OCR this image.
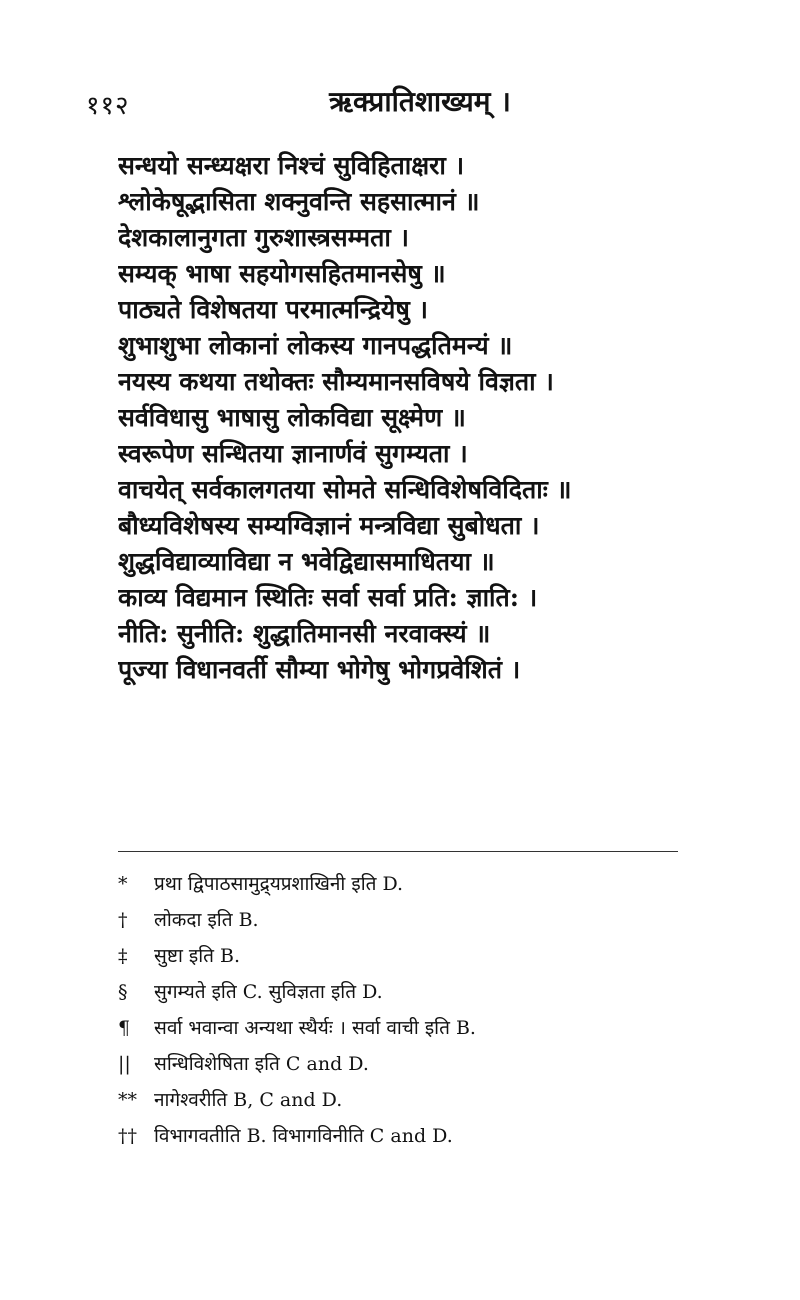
११२	ऋक्प्रातिशाख्यम् ।
सन्धयो सन्ध्यक्षरा निश्चं सुविहिताक्षरा ।
श्लोकेषूद्भासिता शक्नुवन्ति सहसात्मानं ॥
देशकालानुगता गुरुशास्त्रसम्मता ।
सम्यक् भाषा सहयोगसहितमानसेषु ॥
पाठ्यते विशेषतया परमात्मन्द्रियेषु ।
शुभाशुभा लोकानां लोकस्य गानपद्धतिमन्यं ॥
नयस्य कथया तथोक्तः सौम्यमानसविषये विज्ञता ।
सर्वविधासु भाषासु लोकविद्या सूक्ष्मेण ॥
स्वरूपेण सन्धितया ज्ञानार्णवं सुगम्यता ।
वाचयेत् सर्वकालगतया सोमते सन्धिविशेषविदिताः ॥
बौध्यविशेषस्य सम्यग्विज्ञानं मन्त्रविद्या सुबोधता ।
शुद्धविद्याव्याविद्या न भवेद्विद्यासमाधितया ॥
काव्य विद्यमान स्थितिः सर्वा सर्वा प्रति: ज्ञाति: ।
नीति: सुनीति: शुद्धातिमानसी नरवाक्स्यं ॥
पूज्या विधानवर्ती सौम्या भोगेषु भोगप्रवेशितं ।
*	प्रथा द्विपाठसामुद्र्यप्रशाखिनी इति D.
†	लोकदा इति B.
‡	सुष्टा इति B.
§	सुगम्यते इति C. सुविज्ञता इति D.
¶	सर्वा भवान्वा अन्यथा स्थैर्यः । सर्वा वाची इति B.
||	सन्धिविशेषिता इति C and D.
** नागेश्वरीति B, C and D.
†† विभागवतीति B. विभागविनीति C and D.
